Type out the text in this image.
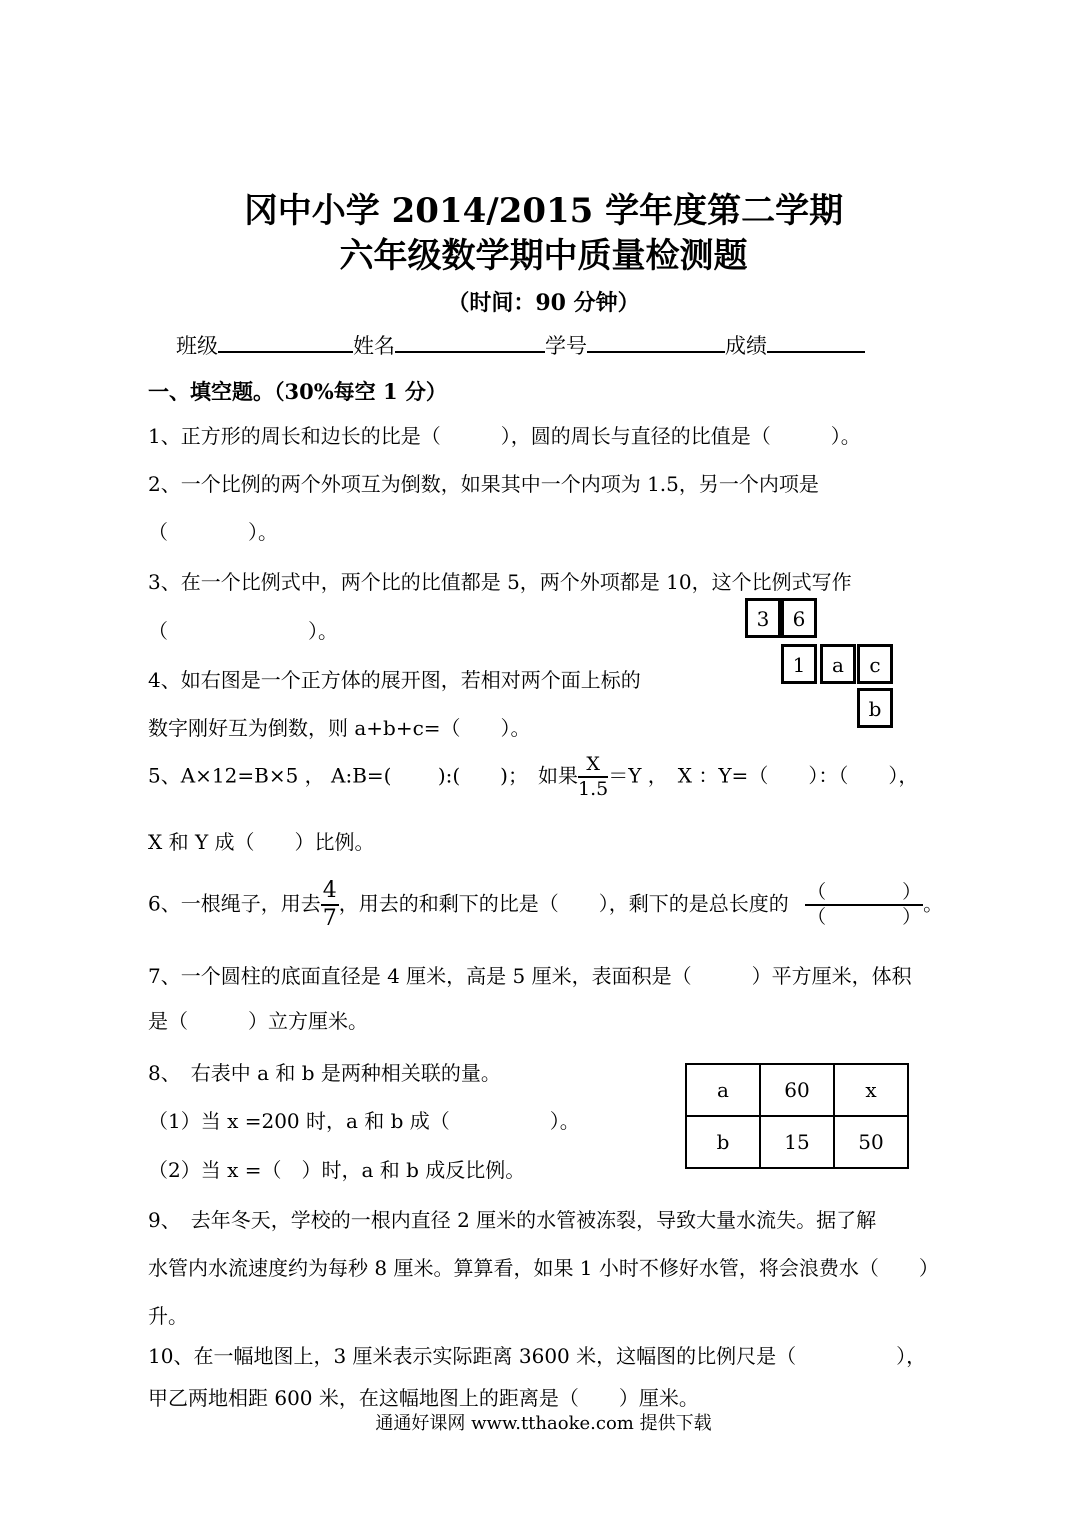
冈中小学 2014/2015 学年度第二学期
六年级数学期中质量检测题
（时间：90 分钟）
班级	姓名	学号	成绩
一、填空题。（30%每空 1 分）
1、正方形的周长和边长的比是（　　　），圆的周长与直径的比值是（　　　）。
2、一个比例的两个外项互为倒数，如果其中一个内项为 1.5，另一个内项是
（　　　　）。
3、在一个比例式中，两个比的比值都是 5，两个外项都是 10，这个比例式写作
（　　　　　　　）。
4、如右图是一个正方体的展开图，若相对两个面上标的
数字刚好互为倒数，则 a+b+c=（　　）。
3	6
1	a	c
b
5、A×12=B×5 ， A:B=(　　 ):(　　)；　如果 $\frac{X}{1.5} =Y$ ，　X ：Y=（　　）：（　　），
X 和 Y 成（　　）比例。
6、一根绳子，用去 $\frac{4}{7}$ ，用去的和剩下的比是（　　），剩下的是总长度的 $\frac{( )}{( )}$ 。
7、一个圆柱的底面直径是 4 厘米，高是 5 厘米，表面积是（　　　）平方厘米，体积
是（　　　）立方厘米。
8、　右表中 a 和 b 是两种相关联的量。
（1）当 x =200 时，a 和 b 成（　　　　　）。
（2）当 x =（　）时，a 和 b 成反比例。
a	60	x
b	15	50
9、　去年冬天，学校的一根内直径 2 厘米的水管被冻裂，导致大量水流失。据了解
水管内水流速度约为每秒 8 厘米。算算看，如果 1 小时不修好水管，将会浪费水（　　）
升。
10、在一幅地图上，3 厘米表示实际距离 3600 米，这幅图的比例尺是（　　　　　），
甲乙两地相距 600 米，在这幅地图上的距离是（　　）厘米。
通通好课网 www.tthaoke.com 提供下载
